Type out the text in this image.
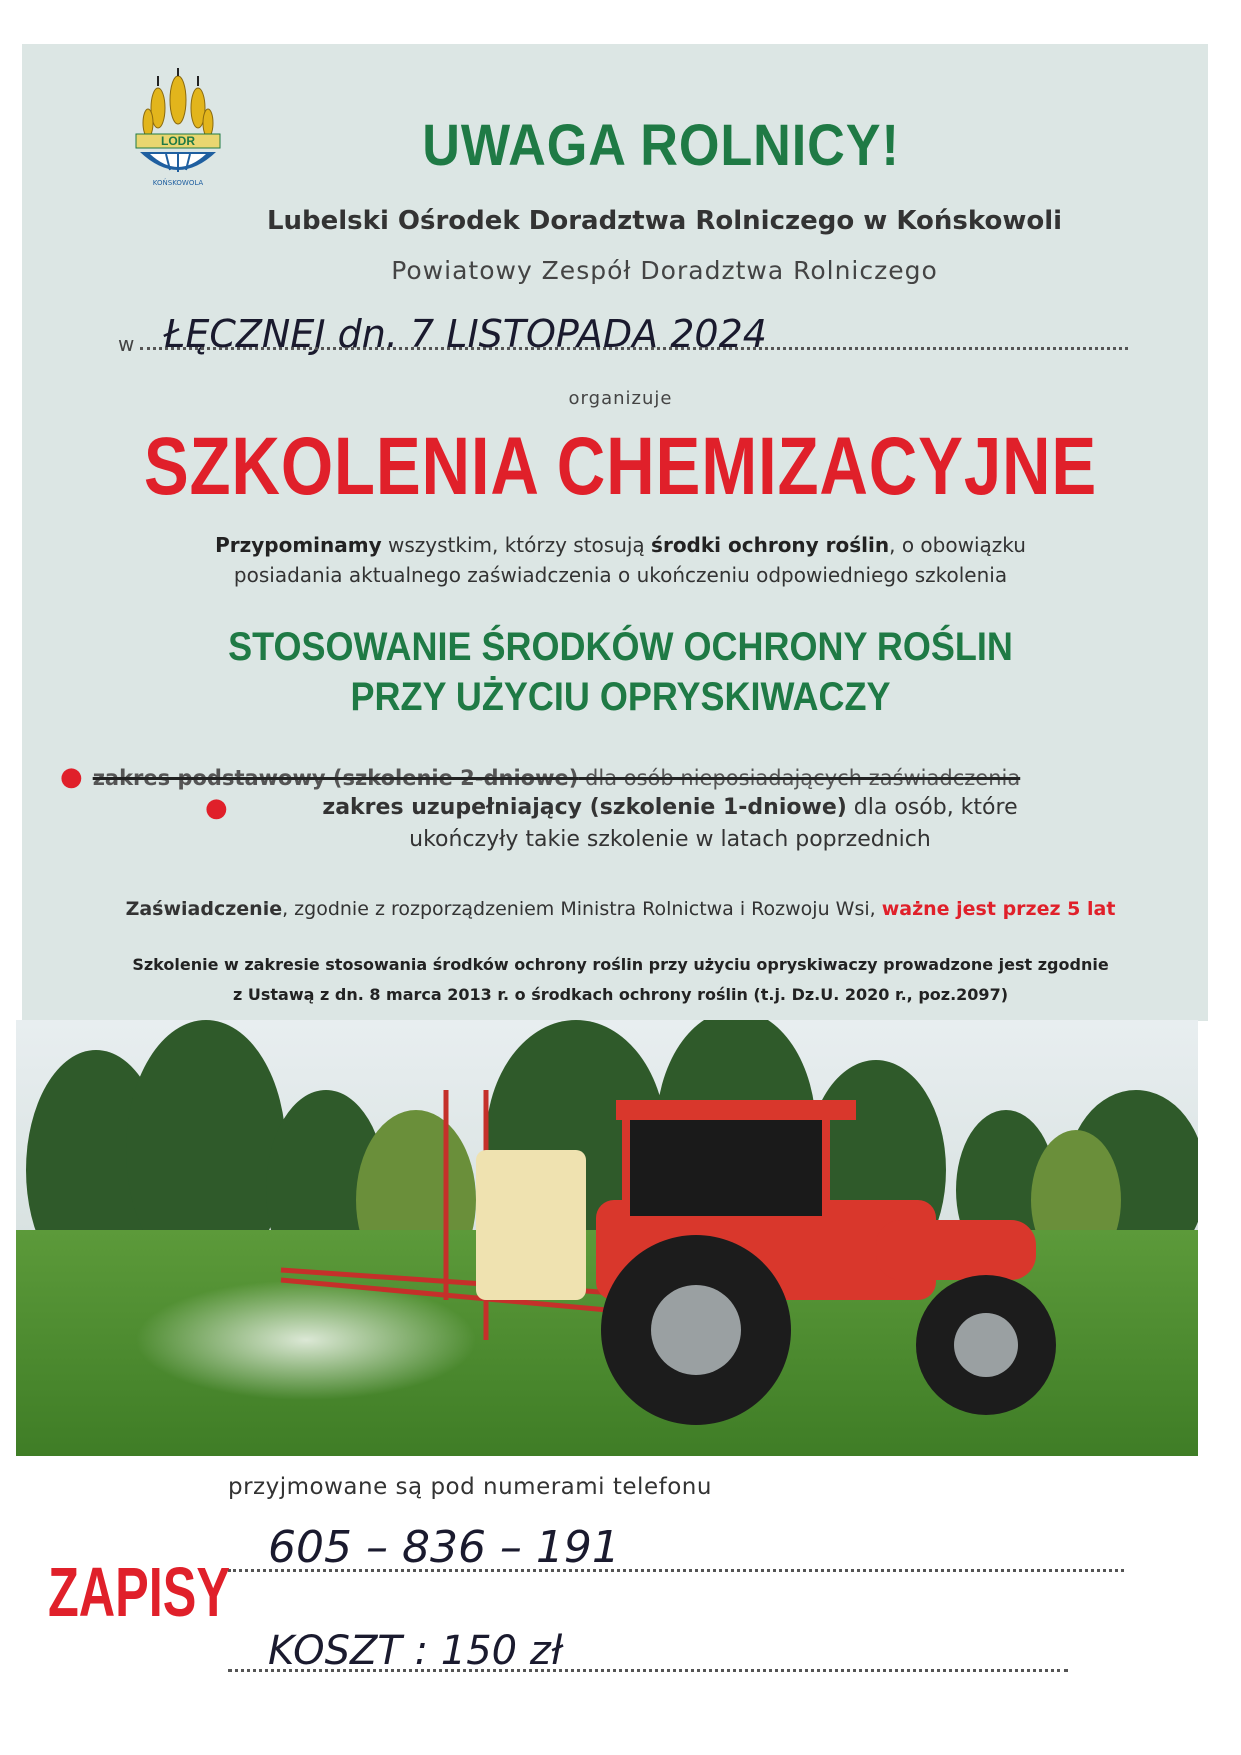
LODR
KOŃSKOWOLA
UWAGA ROLNICY!
Lubelski Ośrodek Doradztwa Rolniczego w Końskowoli
Powiatowy Zespół Doradztwa Rolniczego
w ŁĘCZNEJ dn. 7 LISTOPADA 2024
organizuje
SZKOLENIA CHEMIZACYJNE
Przypominamy wszystkim, którzy stosują środki ochrony roślin, o obowiązku
posiadania aktualnego zaświadczenia o ukończeniu odpowiedniego szkolenia
STOSOWANIE ŚRODKÓW OCHRONY ROŚLIN
PRZY UŻYCIU OPRYSKIWACZY
● zakres podstawowy (szkolenie 2-dniowe) dla osób nieposiadających zaświadczenia
●	zakres uzupełniający (szkolenie 1-dniowe) dla osób, które
ukończyły takie szkolenie w latach poprzednich
Zaświadczenie, zgodnie z rozporządzeniem Ministra Rolnictwa i Rozwoju Wsi, ważne jest przez 5 lat
Szkolenie w zakresie stosowania środków ochrony roślin przy użyciu opryskiwaczy prowadzone jest zgodnie
z Ustawą z dn. 8 marca 2013 r. o środkach ochrony roślin (t.j. Dz.U. 2020 r., poz.2097)
przyjmowane są pod numerami telefonu
605 – 836 – 191
ZAPISY
KOSZT : 150 zł
